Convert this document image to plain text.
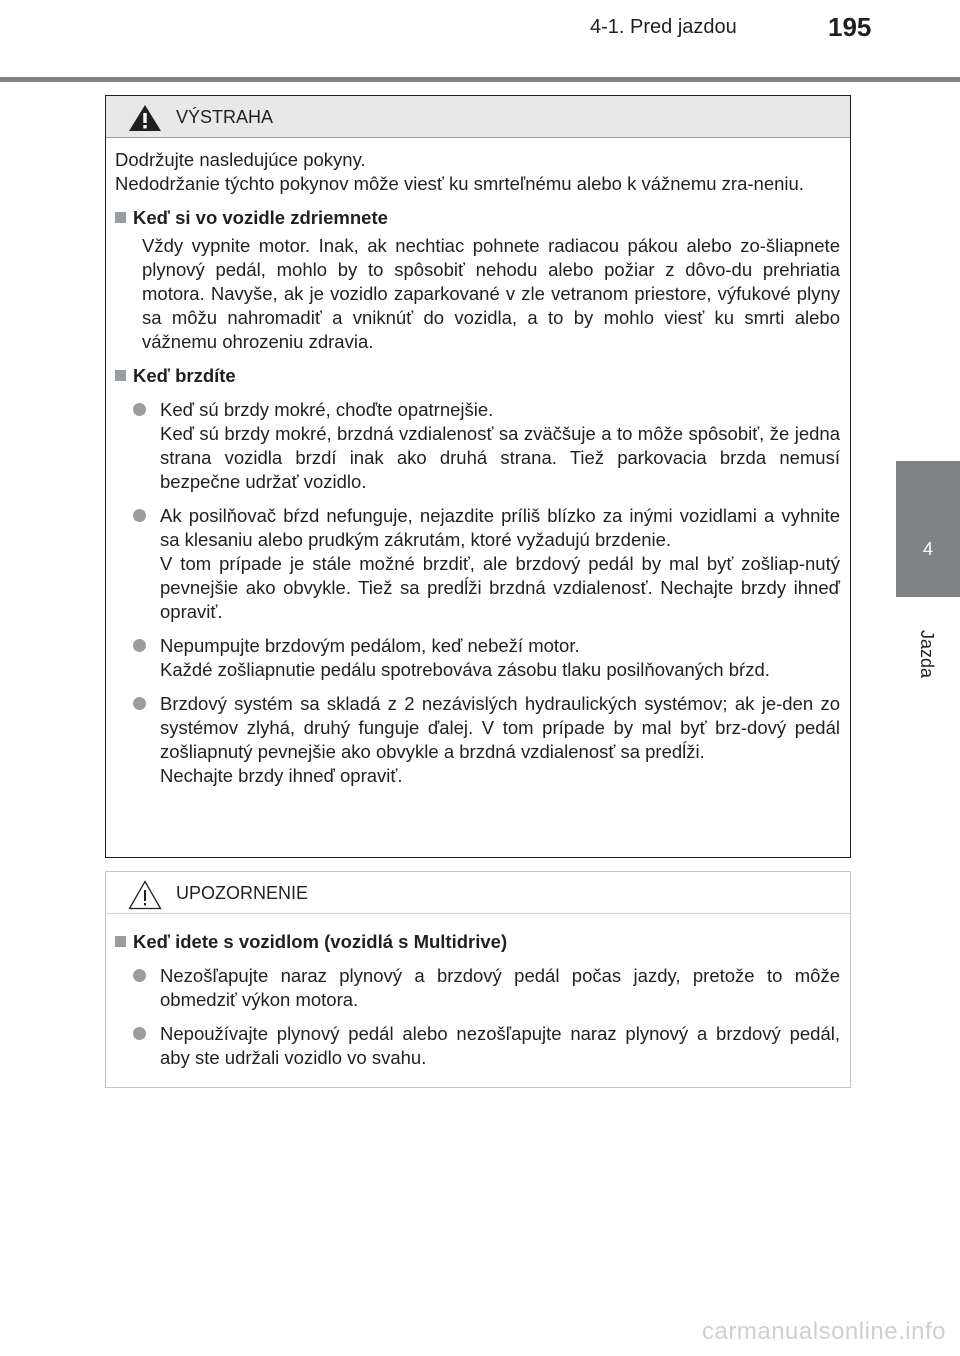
4-1. Pred jazdou	195
4
Jazda
VÝSTRAHA
Dodržujte nasledujúce pokyny.
Nedodržanie týchto pokynov môže viesť ku smrteľnému alebo k vážnemu zra-neniu.
Keď si vo vozidle zdriemnete
Vždy vypnite motor. Inak, ak nechtiac pohnete radiacou pákou alebo zo-šliapnete plynový pedál, mohlo by to spôsobiť nehodu alebo požiar z dôvo-du prehriatia motora. Navyše, ak je vozidlo zaparkované v zle vetranom priestore, výfukové plyny sa môžu nahromadiť a vniknúť do vozidla, a to by mohlo viesť ku smrti alebo vážnemu ohrozeniu zdravia.
Keď brzdíte
Keď sú brzdy mokré, choďte opatrnejšie.
Keď sú brzdy mokré, brzdná vzdialenosť sa zväčšuje a to môže spôsobiť, že jedna strana vozidla brzdí inak ako druhá strana. Tiež parkovacia brzda nemusí bezpečne udržať vozidlo.
Ak posilňovač bŕzd nefunguje, nejazdite príliš blízko za inými vozidlami a vyhnite sa klesaniu alebo prudkým zákrutám, ktoré vyžadujú brzdenie.
V tom prípade je stále možné brzdiť, ale brzdový pedál by mal byť zošliap-nutý pevnejšie ako obvykle. Tiež sa predĺži brzdná vzdialenosť. Nechajte brzdy ihneď opraviť.
Nepumpujte brzdovým pedálom, keď nebeží motor.
Každé zošliapnutie pedálu spotrebováva zásobu tlaku posilňovaných bŕzd.
Brzdový systém sa skladá z 2 nezávislých hydraulických systémov; ak je-den zo systémov zlyhá, druhý funguje ďalej. V tom prípade by mal byť brz-dový pedál zošliapnutý pevnejšie ako obvykle a brzdná vzdialenosť sa predĺži.
Nechajte brzdy ihneď opraviť.
UPOZORNENIE
Keď idete s vozidlom (vozidlá s Multidrive)
Nezošľapujte naraz plynový a brzdový pedál počas jazdy, pretože to môže obmedziť výkon motora.
Nepoužívajte plynový pedál alebo nezošľapujte naraz plynový a brzdový pedál, aby ste udržali vozidlo vo svahu.
carmanualsonline.info
